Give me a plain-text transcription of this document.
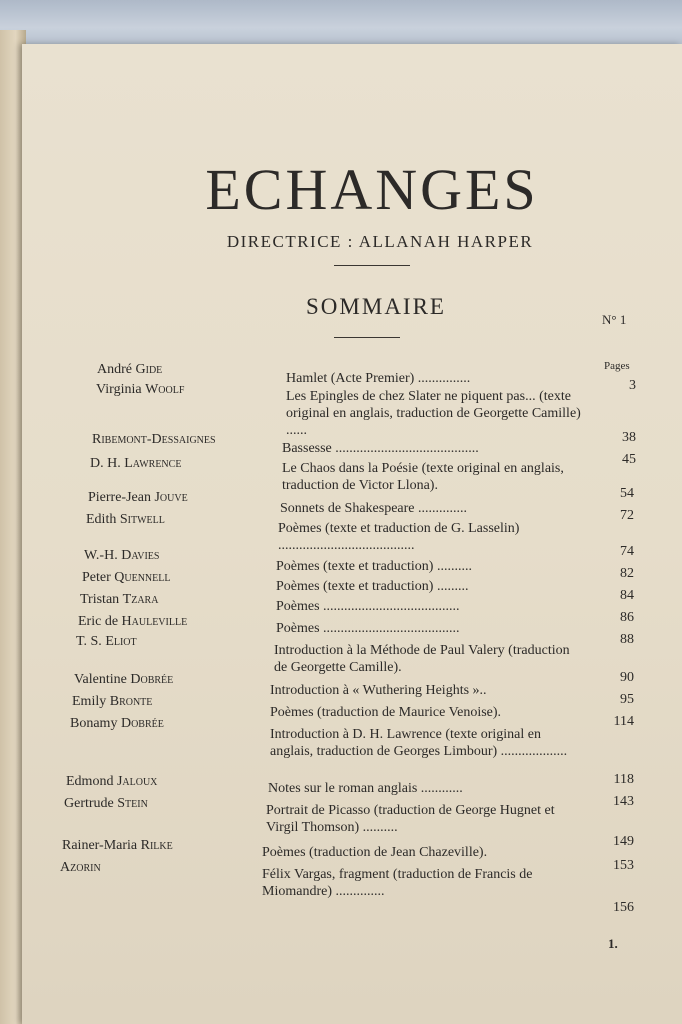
ECHANGES
DIRECTRICE : ALLANAH HARPER
SOMMAIRE
N° 1
Pages
André Gide
Virginia Woolf
Ribemont-Dessaignes
D. H. Lawrence
Pierre-Jean Jouve
Edith Sitwell
W.-H. Davies
Peter Quennell
Tristan Tzara
Eric de Hauleville
T. S. Eliot
Valentine Dobrée
Emily Bronte
Bonamy Dobrée
Edmond Jaloux
Gertrude Stein
Rainer-Maria Rilke
Azorin
Hamlet (Acte Premier) ...............
Les Epingles de chez Slater ne piquent pas... (texte original en anglais, traduction de Georgette Camille) ......
Bassesse .........................................
Le Chaos dans la Poésie (texte original en anglais, traduction de Victor Llona).
Sonnets de Shakespeare ..............
Poèmes (texte et traduction de G. Lasselin) .......................................
Poèmes (texte et traduction) ..........
Poèmes (texte et traduction) .........
Poèmes .......................................
Poèmes .......................................
Introduction à la Méthode de Paul Valery (traduction de Georgette Camille).
Introduction à « Wuthering Heights »..
Poèmes (traduction de Maurice Venoise).
Introduction à D. H. Lawrence (texte original en anglais, traduction de Georges Limbour) ...................
Notes sur le roman anglais ............
Portrait de Picasso (traduction de George Hugnet et Virgil Thomson) ..........
Poèmes (traduction de Jean Chazeville).
Félix Vargas, fragment (traduction de Francis de Miomandre) ..............
3
38
45
54
72
74
82
84
86
88
90
95
114
118
143
149
153
156
1.
